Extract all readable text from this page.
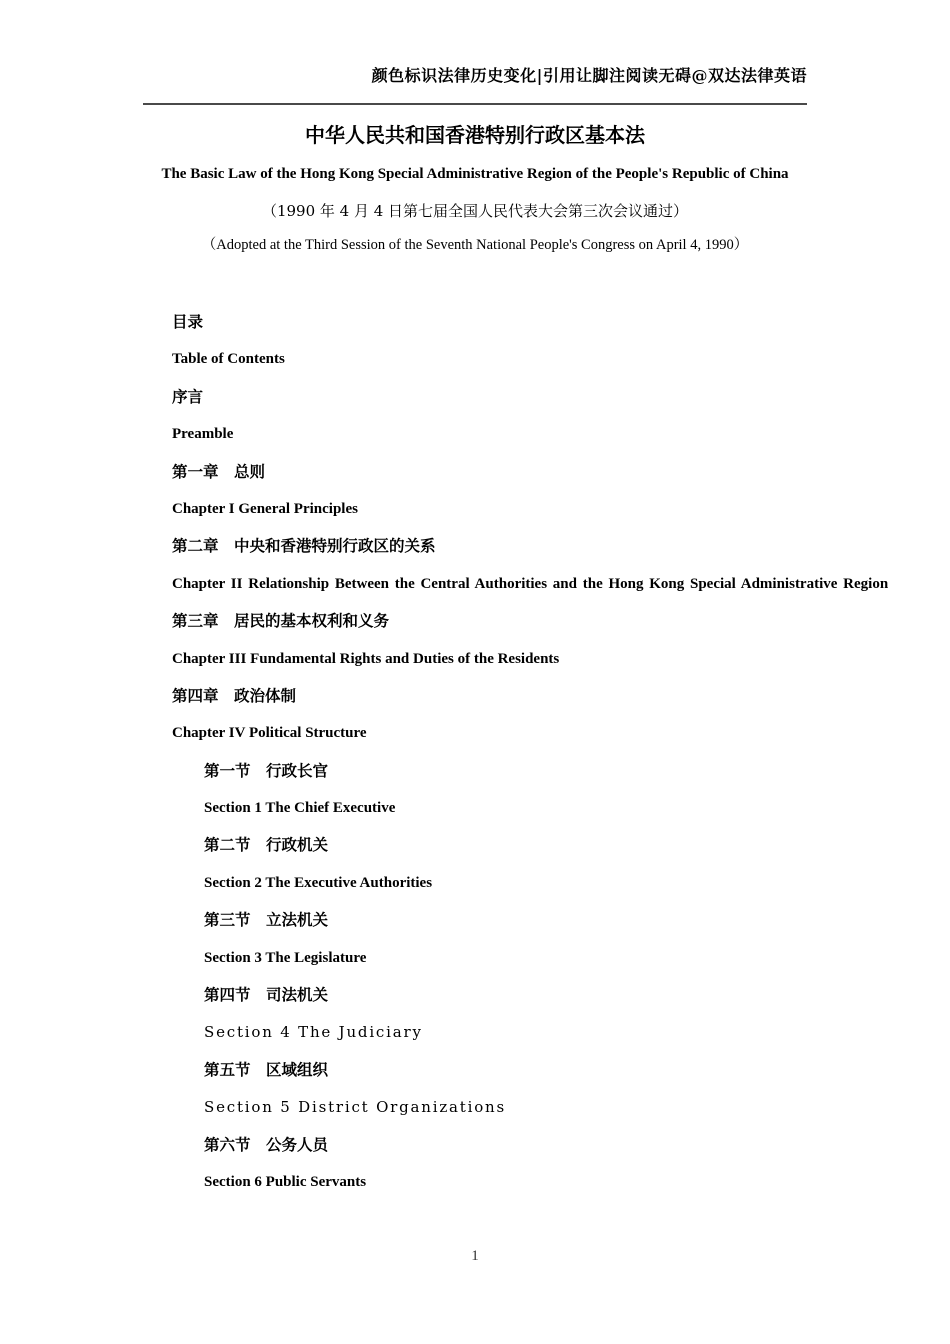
颜色标识法律历史变化|引用让脚注阅读无碍@双达法律英语
中华人民共和国香港特别行政区基本法
The Basic Law of the Hong Kong Special Administrative Region of the People's Republic of China
（1990 年 4 月 4 日第七届全国人民代表大会第三次会议通过）
（Adopted at the Third Session of the Seventh National People's Congress on April 4, 1990）

目录

Table of Contents

序言

Preamble

第一章　总则

Chapter I General Principles

第二章　中央和香港特别行政区的关系

Chapter II Relationship Between the Central Authorities and the Hong Kong Special Administrative Region

第三章　居民的基本权利和义务

Chapter III Fundamental Rights and Duties of the Residents

第四章　政治体制

Chapter IV Political Structure

第一节　行政长官

Section 1 The Chief Executive

第二节　行政机关

Section 2 The Executive Authorities

第三节　立法机关

Section 3 The Legislature

第四节　司法机关

Section 4 The Judiciary

第五节　区域组织

Section 5 District Organizations

第六节　公务人员

Section 6 Public Servants

1
